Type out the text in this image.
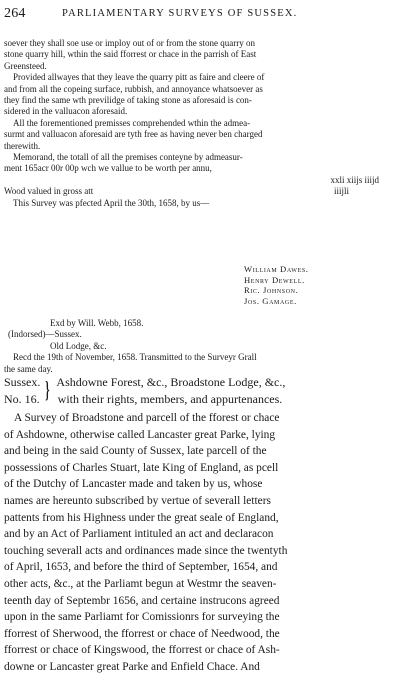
264	PARLIAMENTARY SURVEYS OF SUSSEX.

soever they shall soe use or imploy out of or from the stone quarry on

stone quarry hill, wthin the said fforrest or chace in the parrish of East

Greensteed.

Provided allwayes that they leave the quarry pitt as faire and cleere of

and from all the copeing surface, rubbish, and annoyance whatsoever as

they find the same wth previlidge of taking stone as aforesaid is con-

sidered in the valluacon aforesaid.

All the forementioned premisses comprehended wthin the admea-

surmt and valluacon aforesaid are tyth free as having never ben charged

therewith.

Memorand, the totall of all the premises conteyne by admeasur-

ment 165acr 00r 00p wch we vallue to be worth per annu,

xxli xiijs iiijd

Wood valued in gross att	iiijli

This Survey was pfected April the 30th, 1658, by us—

William Dawes.

Henry Dewell.

Ric. Johnson.

Jos. Gamage.

Exd by Will. Webb, 1658.

(Indorsed)—Sussex.

Old Lodge, &c.

Recd the 19th of November, 1658. Transmitted to the Surveyr Grall

the same day.

Sussex. } Ashdowne Forest, &c., Broadstone Lodge, &c.,

No. 16. with their rights, members, and appurtenances.

A Survey of Broadstone and parcell of the fforest or chace

of Ashdowne, otherwise called Lancaster great Parke, lying

and being in the said County of Sussex, late parcell of the

possessions of Charles Stuart, late King of England, as pcell

of the Dutchy of Lancaster made and taken by us, whose

names are hereunto subscribed by vertue of severall letters

pattents from his Highness under the great seale of England,

and by an Act of Parliament intituled an act and declaracon

touching severall acts and ordinances made since the twentyth

of April, 1653, and before the third of September, 1654, and

other acts, &c., at the Parliamt begun at Westmr the seaven-

teenth day of Septembr 1656, and certaine instrucons agreed

upon in the same Parliamt for Comissionrs for surveying the

fforrest of Sherwood, the fforrest or chace of Needwood, the

fforrest or chace of Kingswood, the fforrest or chace of Ash-

downe or Lancaster great Parke and Enfield Chace. And
